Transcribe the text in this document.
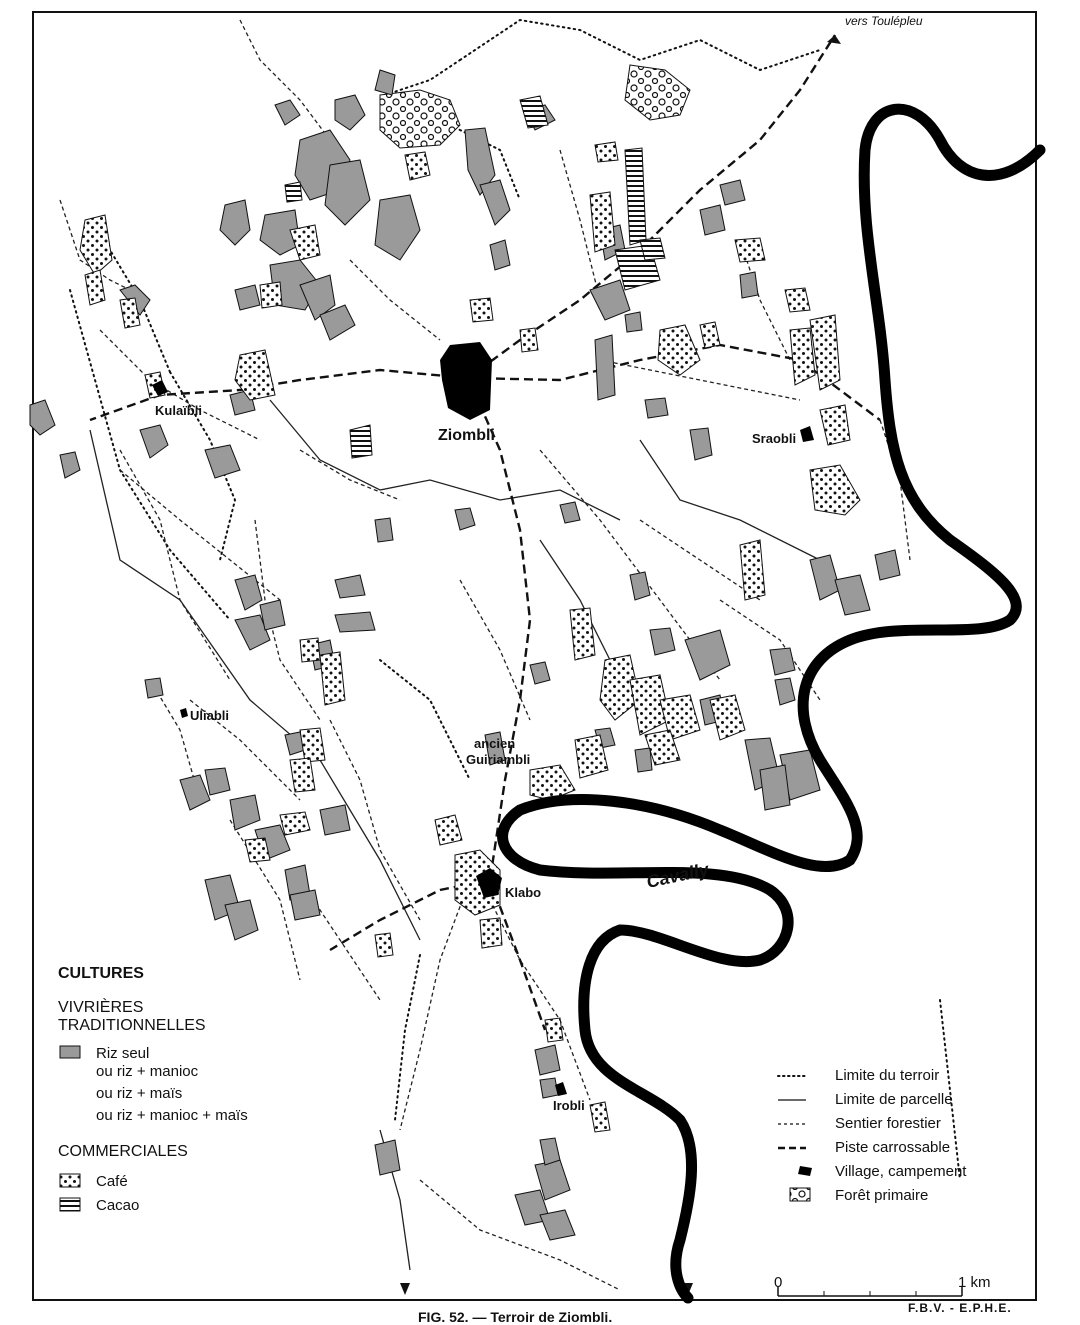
vers Toulépleu
Ziombli
Kulaïbli
Sraobli
Uliabli
ancien
Guiriambli
Klabo
Irobli
Cavally
CULTURES
VIVRIÈRES
TRADITIONNELLES
Riz seul
ou riz + manioc
ou riz + maïs
ou riz + manioc + maïs
COMMERCIALES
Café
Cacao
Limite du terroir
Limite de parcelle
Sentier forestier
Piste carrossable
Village, campement
Forêt primaire
0	1 km
F.B.V. - E.P.H.E.
FIG. 52. — Terroir de Ziombli.
